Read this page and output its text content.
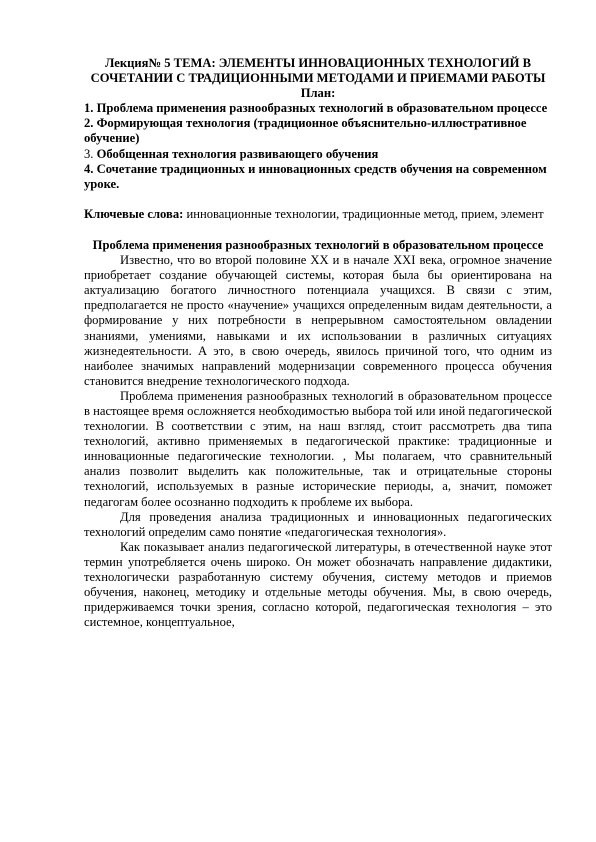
Лекция№ 5 ТЕМА: ЭЛЕМЕНТЫ ИННОВАЦИОННЫХ ТЕХНОЛОГИЙ В СОЧЕТАНИИ С ТРАДИЦИОННЫМИ МЕТОДАМИ И ПРИЕМАМИ РАБОТЫ

План:

1. Проблема применения разнообразных технологий в образовательном процессе
2. Формирующая технология (традиционное объяснительно-иллюстративное обучение)
3. Обобщенная технология развивающего обучения
4. Сочетание традиционных и инновационных средств обучения на современном уроке.

Ключевые слова: инновационные технологии, традиционные метод, прием, элемент

Проблема применения разнообразных технологий в образовательном процессе

Известно, что во второй половине XX и в начале XXI века, огромное значение приобретает создание обучающей системы, которая была бы ориентирована на актуализацию богатого личностного потенциала учащихся. В связи с этим, предполагается не просто «научение» учащихся определенным видам деятельности, а формирование у них потребности в непрерывном самостоятельном овладении знаниями, умениями, навыками и их использовании в различных ситуациях жизнедеятельности. А это, в свою очередь, явилось причиной того, что одним из наиболее значимых направлений модернизации современного процесса обучения становится внедрение технологического подхода.

Проблема применения разнообразных технологий в образовательном процессе в настоящее время осложняется необходимостью выбора той или иной педагогической технологии. В соответствии с этим, на наш взгляд, стоит рассмотреть два типа технологий, активно применяемых в педагогической практике: традиционные и инновационные педагогические технологии. , Мы полагаем, что сравнительный анализ позволит выделить как положительные, так и отрицательные стороны технологий, используемых в разные исторические периоды, а, значит, поможет педагогам более осознанно подходить к проблеме их выбора.

Для проведения анализа традиционных и инновационных педагогических технологий определим само понятие «педагогическая технология».

Как показывает анализ педагогической литературы, в отечественной науке этот термин употребляется очень широко. Он может обозначать направление дидактики, технологически разработанную систему обучения, систему методов и приемов обучения, наконец, методику и отдельные методы обучения. Мы, в свою очередь, придерживаемся точки зрения, согласно которой, педагогическая технология – это системное, концептуальное,
